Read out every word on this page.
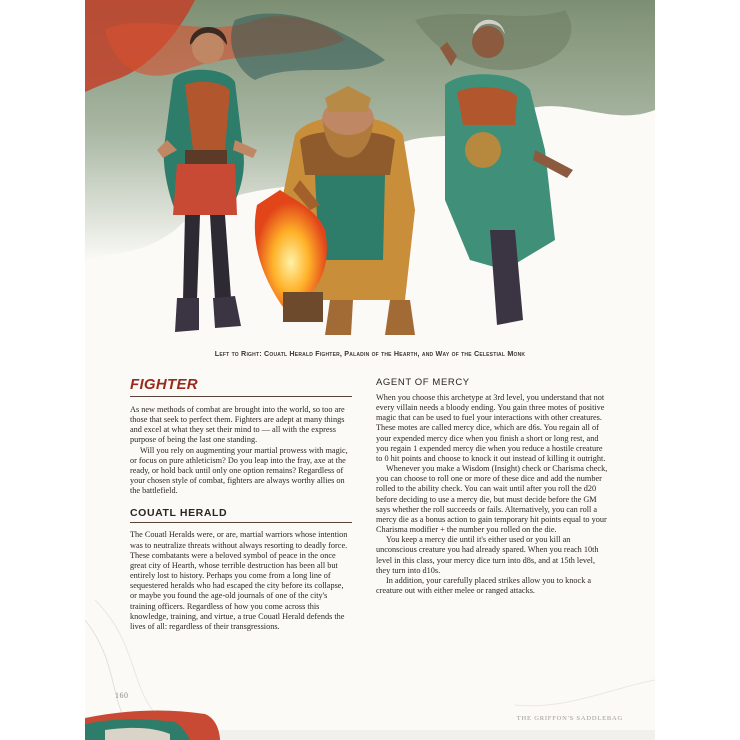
Left to Right: Couatl Herald Fighter, Paladin of the Hearth, and Way of the Celestial Monk
FIGHTER

As new methods of combat are brought into the world, so too are those that seek to perfect them. Fighters are adept at many things and excel at what they set their mind to — all with the express purpose of being the last one standing.

Will you rely on augmenting your martial prowess with magic, or focus on pure athleticism? Do you leap into the fray, axe at the ready, or hold back until only one option remains? Regardless of your chosen style of combat, fighters are always worthy allies on the battlefield.

COUATL HERALD

The Couatl Heralds were, or are, martial warriors whose intention was to neutralize threats without always resorting to deadly force. These combatants were a beloved symbol of peace in the once great city of Hearth, whose terrible destruction has been all but entirely lost to history. Perhaps you come from a long line of sequestered heralds who had escaped the city before its collapse, or maybe you found the age-old journals of one of the city's training officers. Regardless of how you come across this knowledge, training, and virtue, a true Couatl Herald defends the lives of all: regardless of their transgressions.

AGENT OF MERCY

When you choose this archetype at 3rd level, you understand that not every villain needs a bloody ending. You gain three motes of positive magic that can be used to fuel your interactions with other creatures. These motes are called mercy dice, which are d6s. You regain all of your expended mercy dice when you finish a short or long rest, and you regain 1 expended mercy die when you reduce a hostile creature to 0 hit points and choose to knock it out instead of killing it outright.

Whenever you make a Wisdom (Insight) check or Charisma check, you can choose to roll one or more of these dice and add the number rolled to the ability check. You can wait until after you roll the d20 before deciding to use a mercy die, but must decide before the GM says whether the roll succeeds or fails. Alternatively, you can roll a mercy die as a bonus action to gain temporary hit points equal to your Charisma modifier + the number you rolled on the die.

You keep a mercy die until it's either used or you kill an unconscious creature you had already spared. When you reach 10th level in this class, your mercy dice turn into d8s, and at 15th level, they turn into d10s.

In addition, your carefully placed strikes allow you to knock a creature out with either melee or ranged attacks.

160
THE GRIFFON'S SADDLEBAG
